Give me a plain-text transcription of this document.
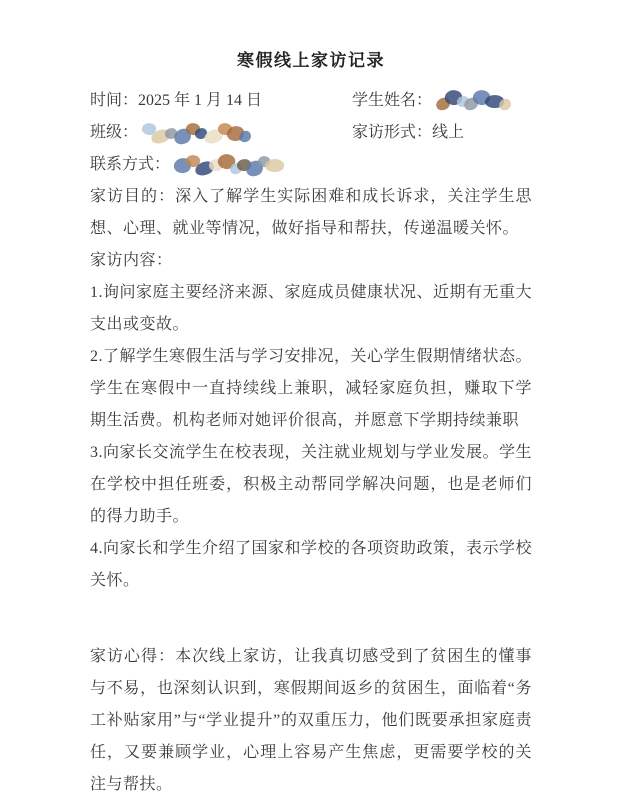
寒假线上家访记录
时间：2025 年 1 月 14 日	学生姓名：
班级：	家访形式：线上
联系方式：

家访目的：深入了解学生实际困难和成长诉求，关注学生思想、心理、就业等情况，做好指导和帮扶，传递温暖关怀。

家访内容：

1.询问家庭主要经济来源、家庭成员健康状况、近期有无重大支出或变故。

2.了解学生寒假生活与学习安排况，关心学生假期情绪状态。学生在寒假中一直持续线上兼职，减轻家庭负担，赚取下学期生活费。机构老师对她评价很高，并愿意下学期持续兼职

3.向家长交流学生在校表现，关注就业规划与学业发展。学生在学校中担任班委，积极主动帮同学解决问题，也是老师们的得力助手。

4.向家长和学生介绍了国家和学校的各项资助政策，表示学校关怀。

家访心得：本次线上家访，让我真切感受到了贫困生的懂事与不易，也深刻认识到，寒假期间返乡的贫困生，面临着“务工补贴家用”与“学业提升”的双重压力，他们既要承担家庭责任，又要兼顾学业，心理上容易产生焦虑，更需要学校的关注与帮扶。
